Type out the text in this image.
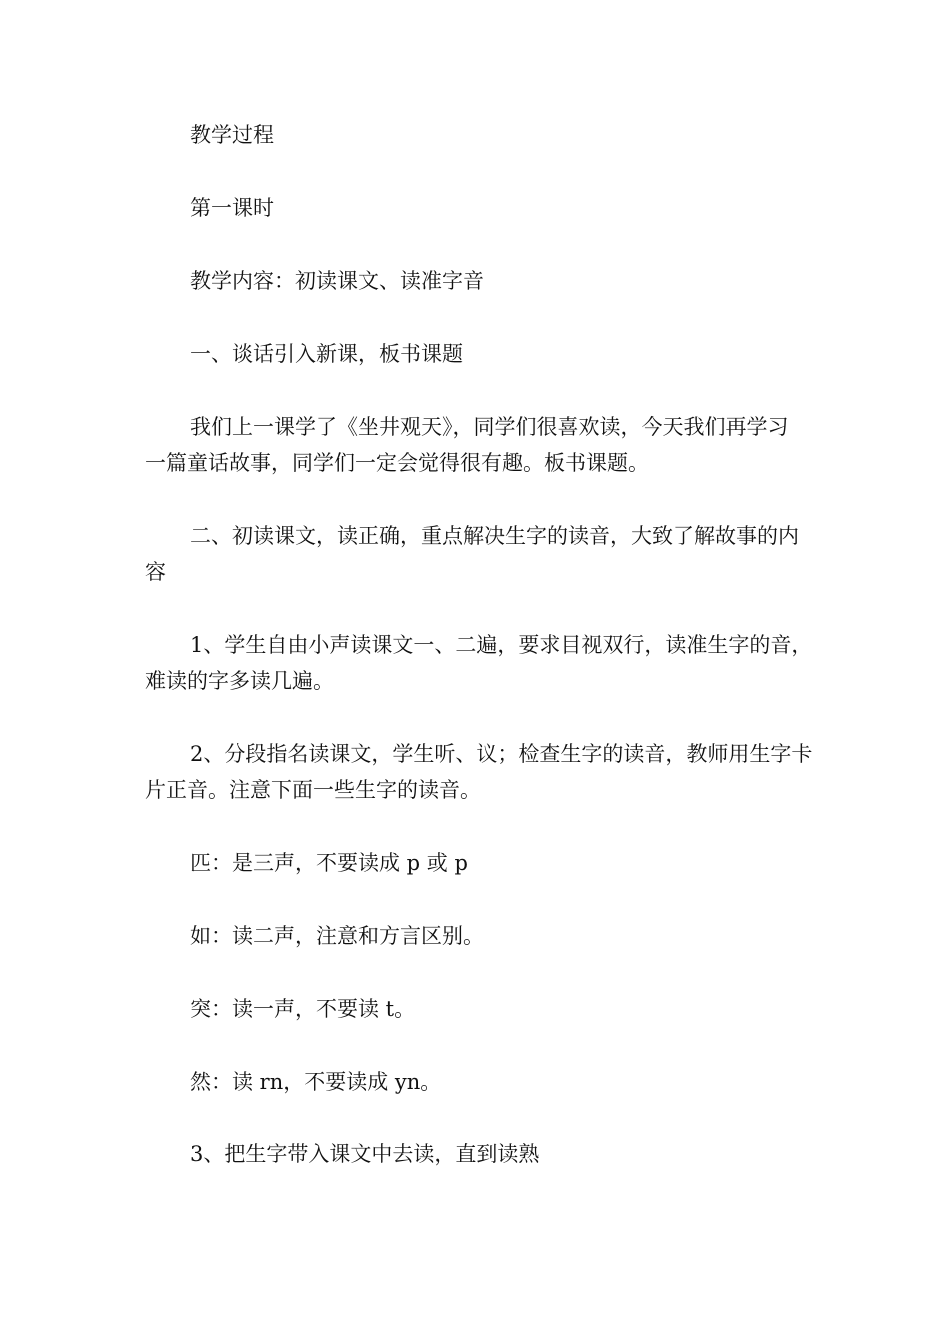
教学过程
第一课时
教学内容：初读课文、读准字音
一、谈话引入新课，板书课题
我们上一课学了《坐井观天》，同学们很喜欢读，今天我们再学习
一篇童话故事，同学们一定会觉得很有趣。板书课题。
二、初读课文，读正确，重点解决生字的读音，大致了解故事的内
容
1、学生自由小声读课文一、二遍，要求目视双行，读准生字的音，
难读的字多读几遍。
2、分段指名读课文，学生听、议；检查生字的读音，教师用生字卡
片正音。注意下面一些生字的读音。
匹：是三声，不要读成 p 或 p
如：读二声，注意和方言区别。
突：读一声，不要读 t。
然：读 rn，不要读成 yn。
3、把生字带入课文中去读，直到读熟
